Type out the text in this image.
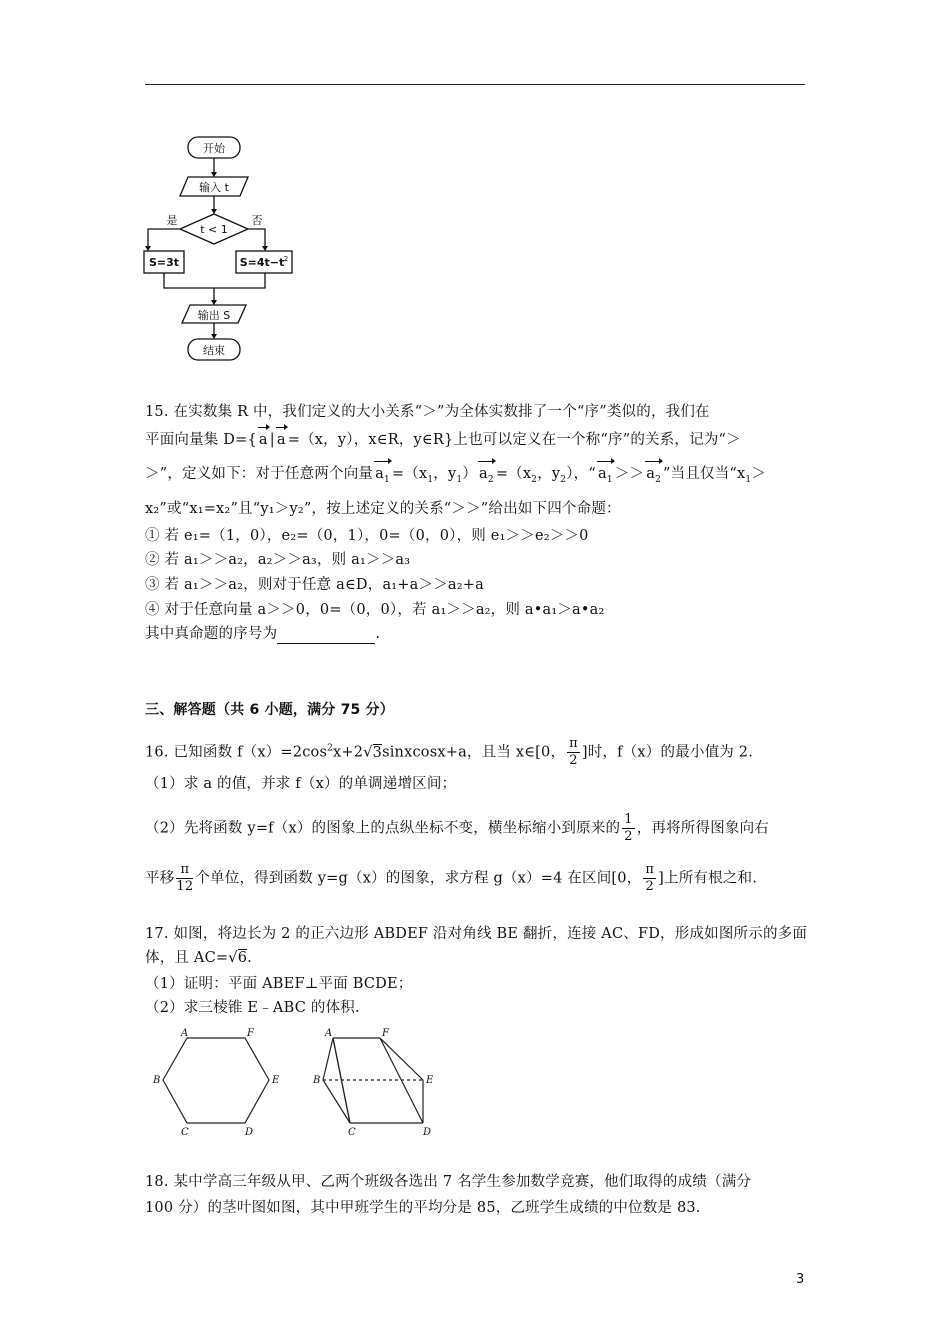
开始
输入 t
t < 1
是	否
S=3t	S=4t−t 2
输出 S
结束
15. 在实数集 R 中，我们定义的大小关系“＞”为全体实数排了一个“序”类似的，我们在
平面向量集 D={ a | a =（x，y），x∈R，y∈R}上也可以定义在一个称“序”的关系，记为“＞
＞”，定义如下：对于任意两个向量 $a_1 =(x_1$，$y_1$） $a_2 =(x_2$，$y_2$），“ $a_1 >> a_2$ ”当且仅当“$x_1>$
x₂”或“x₁=x₂”且“y₁＞y₂”，按上述定义的关系“＞＞”给出如下四个命题：
① 若 e₁=（1，0），e₂=（0，1），0=（0，0），则 e₁＞＞e₂＞＞0
② 若 a₁＞＞a₂，a₂＞＞a₃，则 a₁＞＞a₃
③ 若 a₁＞＞a₂，则对于任意 a∈D，a₁+a＞＞a₂+a
④ 对于任意向量 a＞＞0，0=（0，0），若 a₁＞＞a₂，则 a•a₁＞a•a₂
其中真命题的序号为	.
三、解答题（共 6 小题，满分 75 分）
16. 已知函数 $f(x)=2\cos^2x+2√3sinxcosx+a$，且当 x∈[0， $\frac{\pi}{2}$ ]时，f（x）的最小值为 2.
（1）求 a 的值，并求 f（x）的单调递增区间；
（2）先将函数 y=f（x）的图象上的点纵坐标不变，横坐标缩小到原来的 $\frac{1}{2}$ ，再将所得图象向右
平移 $\frac{\pi}{12}$ 个单位，得到函数 y=g（x）的图象，求方程 g（x）=4 在区间[0， $\frac{\pi}{2}$ ]上所有根之和.
17. 如图，将边长为 2 的正六边形 ABDEF 沿对角线 BE 翻折，连接 AC、FD，形成如图所示的多面
体，且 AC=√6.
（1）证明：平面 ABEF⊥平面 BCDE；
（2）求三棱锥 E﹣ABC 的体积.
A	F
B	E
C	D
A	F
B	E
C	D
18. 某中学高三年级从甲、乙两个班级各选出 7 名学生参加数学竞赛，他们取得的成绩（满分
100 分）的茎叶图如图，其中甲班学生的平均分是 85，乙班学生成绩的中位数是 83.
3
